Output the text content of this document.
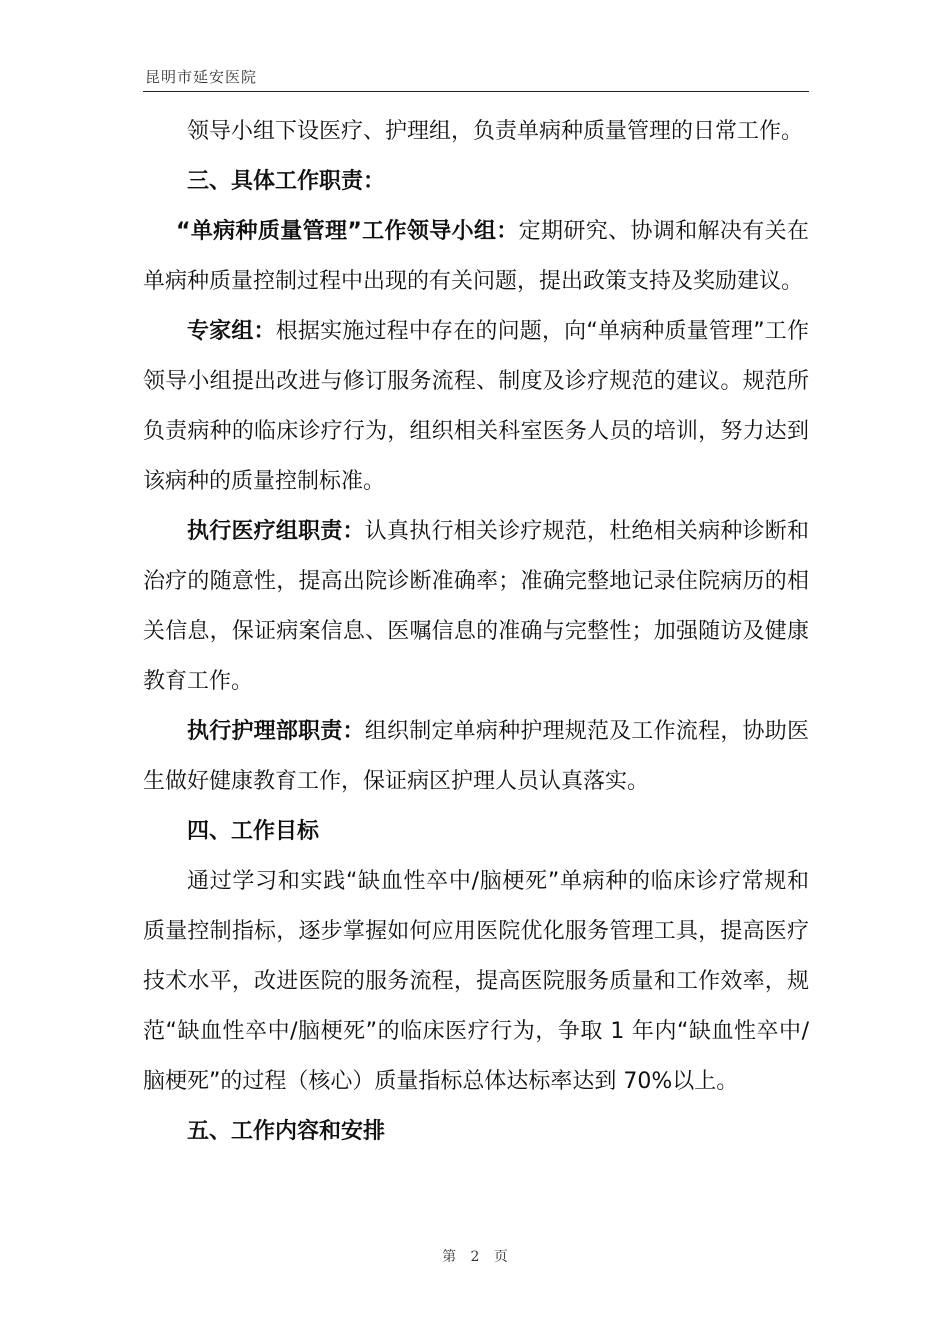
昆明市延安医院

领导小组下设医疗、护理组，负责单病种质量管理的日常工作。

三、具体工作职责：

“单病种质量管理”工作领导小组：定期研究、协调和解决有关在单病种质量控制过程中出现的有关问题，提出政策支持及奖励建议。

专家组：根据实施过程中存在的问题，向“单病种质量管理”工作领导小组提出改进与修订服务流程、制度及诊疗规范的建议。规范所负责病种的临床诊疗行为，组织相关科室医务人员的培训，努力达到该病种的质量控制标准。

执行医疗组职责：认真执行相关诊疗规范，杜绝相关病种诊断和治疗的随意性，提高出院诊断准确率；准确完整地记录住院病历的相关信息，保证病案信息、医嘱信息的准确与完整性；加强随访及健康教育工作。

执行护理部职责：组织制定单病种护理规范及工作流程，协助医生做好健康教育工作，保证病区护理人员认真落实。

四、工作目标

通过学习和实践“缺血性卒中/脑梗死”单病种的临床诊疗常规和质量控制指标，逐步掌握如何应用医院优化服务管理工具，提高医疗技术水平，改进医院的服务流程，提高医院服务质量和工作效率，规范“缺血性卒中/脑梗死”的临床医疗行为，争取 1 年内“缺血性卒中/脑梗死”的过程（核心）质量指标总体达标率达到 70%以上。

五、工作内容和安排

第 2 页
